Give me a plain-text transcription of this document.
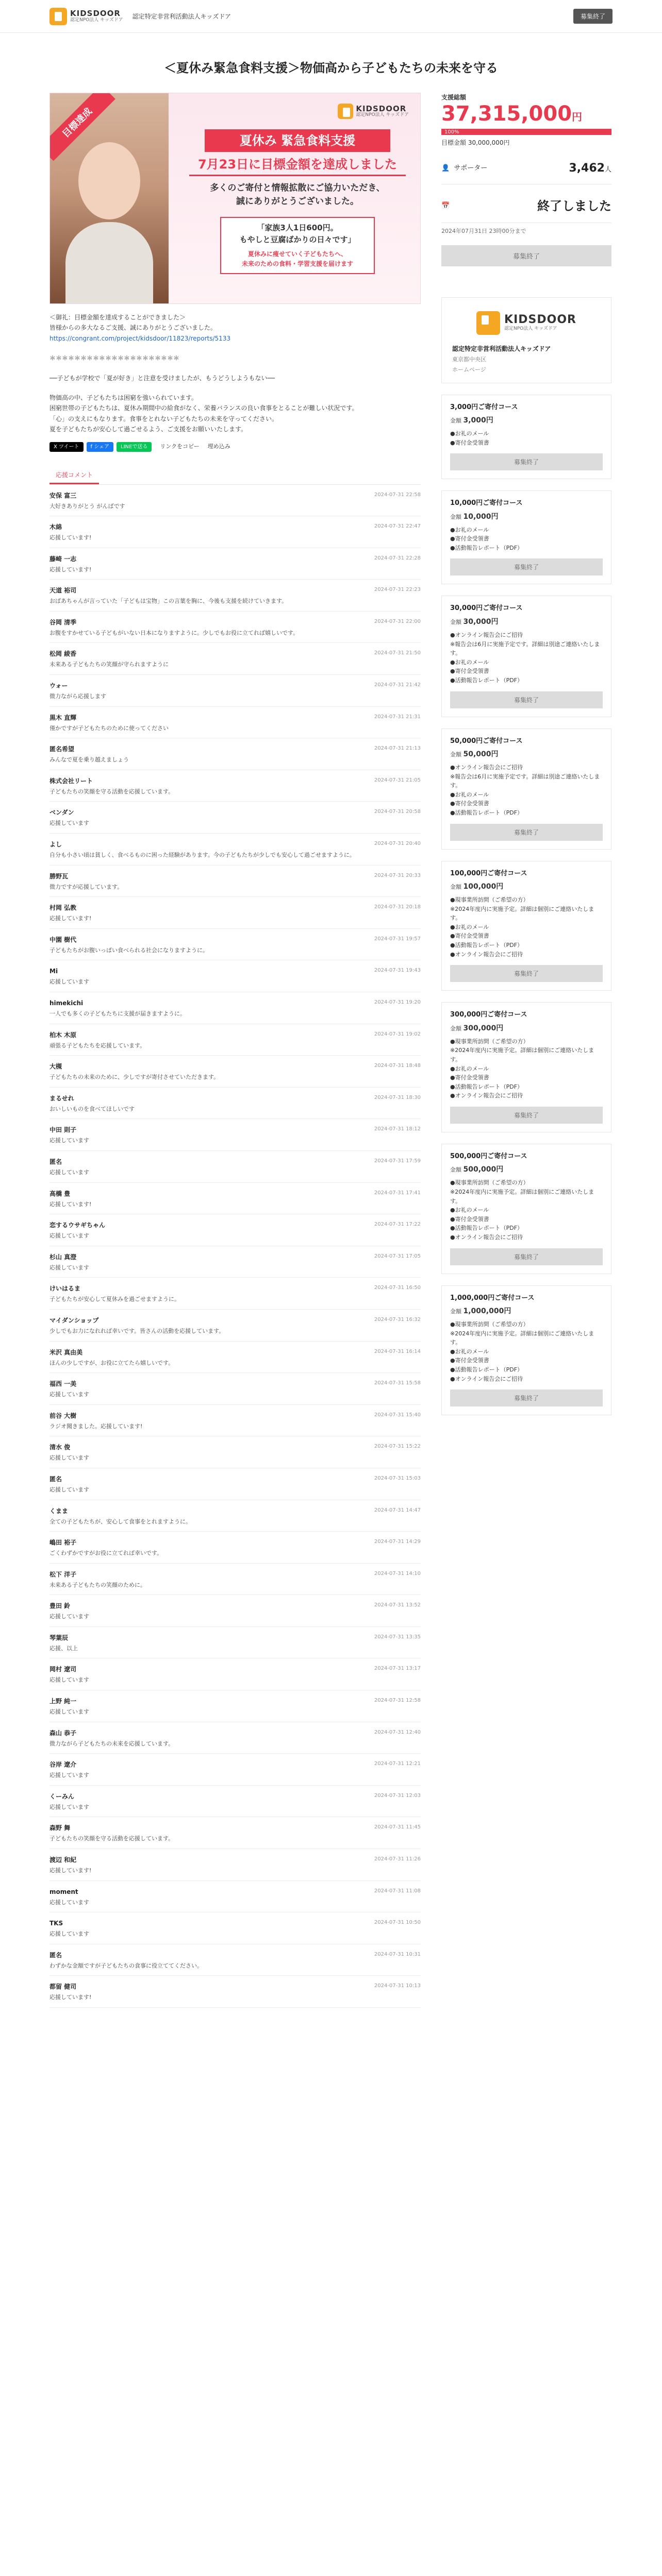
KIDSDOOR
認定NPO法人 キッズドア
認定特定非営利活動法人キッズドア	募集終了
＜夏休み緊急食料支援＞物価高から子どもたちの未来を守る
目標達成	KIDSDOOR
認定NPO法人 キッズドア
夏休み 緊急食料支援
7月23日に目標金額を達成しました
多くのご寄付と情報拡散にご協力いただき、
誠にありがとうございました。
「家族3人1日600円。
もやしと豆腐ばかりの日々です」
夏休みに痩せていく子どもたちへ、
未来のための食料・学習支援を届けます

＜御礼：目標金額を達成することができました＞

皆様からの多大なるご支援、誠にありがとうございました。

https://congrant.com/project/kidsdoor/11823/reports/5133

＊＊＊＊＊＊＊＊＊＊＊＊＊＊＊＊＊＊＊＊＊

──子どもが学校で「夏が好き」と注意を受けましたが、もうどうしようもない──

物価高の中、子どもたちは困窮を強いられています。

困窮世帯の子どもたちは、夏休み期間中の給食がなく、栄養バランスの良い食事をとることが難しい状況です。

「心」の支えにもなります。食事をとれない子どもたちの未来を守ってください。

夏を子どもたちが安心して過ごせるよう、ご支援をお願いいたします。

X ツイート	f シェア	LINEで送る	リンクをコピー 埋め込み
応援コメント
安保 富三	2024-07-31 22:58
大好きありがとう がんばです
木綿	2024-07-31 22:47
応援しています!
藤崎 一志	2024-07-31 22:28
応援しています!
天道 裕司	2024-07-31 22:23
おばあちゃんが言っていた「子どもは宝物」この言葉を胸に、今後も支援を続けていきます。
谷岡 清季	2024-07-31 22:00
お腹をすかせている子どもがいない日本になりますように。少しでもお役に立てれば嬉しいです。
松岡 綾香	2024-07-31 21:50
未来ある子どもたちの笑顔が守られますように
ウォー	2024-07-31 21:42
微力ながら応援します
黒木 直輝	2024-07-31 21:31
僅かですが子どもたちのために使ってください
匿名希望	2024-07-31 21:13
みんなで夏を乗り越えましょう
株式会社リート	2024-07-31 21:05
子どもたちの笑顔を守る活動を応援しています。
ベンダン	2024-07-31 20:58
応援しています
よし	2024-07-31 20:40
自分も小さい頃は貧しく、食べるものに困った経験があります。今の子どもたちが少しでも安心して過ごせますように。
勝野瓦	2024-07-31 20:33
微力ですが応援しています。
村岡 弘教	2024-07-31 20:18
応援しています!
中園 樹代	2024-07-31 19:57
子どもたちがお腹いっぱい食べられる社会になりますように。
Mi	2024-07-31 19:43
応援しています
himekichi	2024-07-31 19:20
一人でも多くの子どもたちに支援が届きますように。
柏木 木原	2024-07-31 19:02
頑張る子どもたちを応援しています。
大槻	2024-07-31 18:48
子どもたちの未来のために、少しですが寄付させていただきます。
まるせれ	2024-07-31 18:30
おいしいものを食べてほしいです
中田 則子	2024-07-31 18:12
応援しています
匿名	2024-07-31 17:59
応援しています
高橋 豊	2024-07-31 17:41
応援しています!
恋するウサギちゃん	2024-07-31 17:22
応援しています
杉山 真澄	2024-07-31 17:05
応援しています
けいはるま	2024-07-31 16:50
子どもたちが安心して夏休みを過ごせますように。
マイダンショップ	2024-07-31 16:32
少しでもお力になれれば幸いです。皆さんの活動を応援しています。
米沢 真由美	2024-07-31 16:14
ほんの少しですが、お役に立てたら嬉しいです。
福西 一美	2024-07-31 15:58
応援しています
前谷 大樹	2024-07-31 15:40
ラジオ聞きました。応援しています!
清水 俊	2024-07-31 15:22
応援しています
匿名	2024-07-31 15:03
応援しています
くまま	2024-07-31 14:47
全ての子どもたちが、安心して食事をとれますように。
嶋田 裕子	2024-07-31 14:29
ごくわずかですがお役に立てれば幸いです。
松下 洋子	2024-07-31 14:10
未来ある子どもたちの笑顔のために。
豊田 鈴	2024-07-31 13:52
応援しています
琴葉辰	2024-07-31 13:35
応援、以上
岡村 遼司	2024-07-31 13:17
応援しています
上野 純一	2024-07-31 12:58
応援しています
森山 恭子	2024-07-31 12:40
微力ながら子どもたちの未来を応援しています。
谷岸 遼介	2024-07-31 12:21
応援しています
くーみん	2024-07-31 12:03
応援しています
森野 舞	2024-07-31 11:45
子どもたちの笑顔を守る活動を応援しています。
渡辺 和紀	2024-07-31 11:26
応援しています!
moment	2024-07-31 11:08
応援しています
TKS	2024-07-31 10:50
応援しています
匿名	2024-07-31 10:31
わずかな金額ですが子どもたちの食事に役立ててください。
都留 健司	2024-07-31 10:13
応援しています!
支援総額
37,315,000円
100%
目標金額 30,000,000円
👤 サポーター	3,462人
📅	終了しました
2024年07月31日 23時00分まで
募集終了
KIDSDOOR
認定NPO法人 キッズドア
認定特定非営利活動法人キッズドア
東京都中央区
ホームページ
3,000円ご寄付コース
金額 3,000円
●お礼のメール
●寄付金受領書
募集終了
10,000円ご寄付コース
金額 10,000円
●お礼のメール
●寄付金受領書
●活動報告レポート（PDF）
募集終了
30,000円ご寄付コース
金額 30,000円
●オンライン報告会にご招待
※報告会は6月に実施予定です。詳細は別途ご連絡いたします。
●お礼のメール
●寄付金受領書
●活動報告レポート（PDF）
募集終了
50,000円ご寄付コース
金額 50,000円
●オンライン報告会にご招待
※報告会は6月に実施予定です。詳細は別途ご連絡いたします。
●お礼のメール
●寄付金受領書
●活動報告レポート（PDF）
募集終了
100,000円ご寄付コース
金額 100,000円
●現事業所訪問（ご希望の方）
※2024年度内に実施予定。詳細は個別にご連絡いたします。
●お礼のメール
●寄付金受領書
●活動報告レポート（PDF）
●オンライン報告会にご招待
募集終了
300,000円ご寄付コース
金額 300,000円
●現事業所訪問（ご希望の方）
※2024年度内に実施予定。詳細は個別にご連絡いたします。
●お礼のメール
●寄付金受領書
●活動報告レポート（PDF）
●オンライン報告会にご招待
募集終了
500,000円ご寄付コース
金額 500,000円
●現事業所訪問（ご希望の方）
※2024年度内に実施予定。詳細は個別にご連絡いたします。
●お礼のメール
●寄付金受領書
●活動報告レポート（PDF）
●オンライン報告会にご招待
募集終了
1,000,000円ご寄付コース
金額 1,000,000円
●現事業所訪問（ご希望の方）
※2024年度内に実施予定。詳細は個別にご連絡いたします。
●お礼のメール
●寄付金受領書
●活動報告レポート（PDF）
●オンライン報告会にご招待
募集終了
